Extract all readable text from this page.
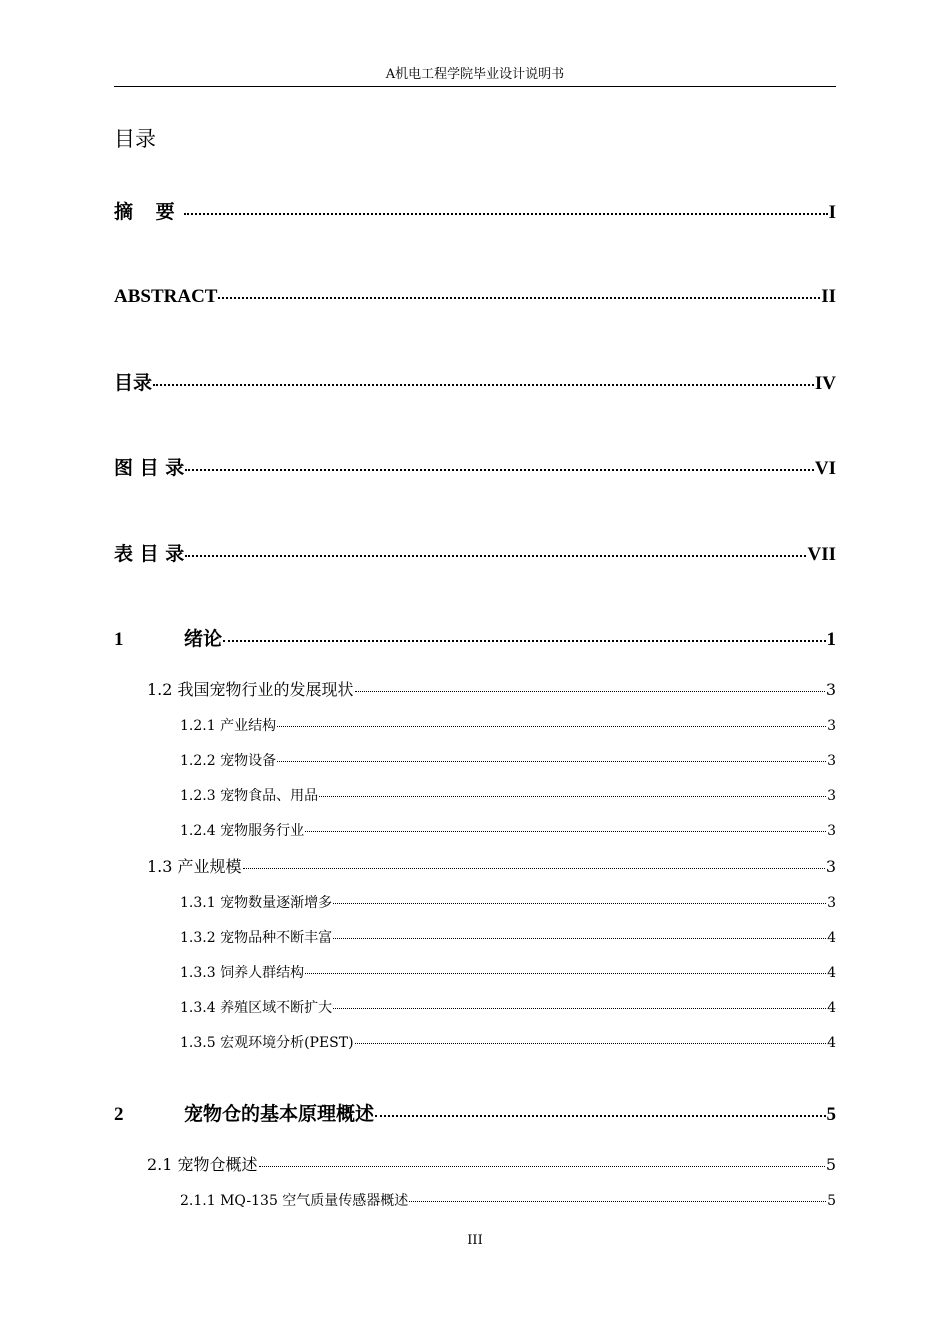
A机电工程学院毕业设计说明书
目录
摘 要	I
ABSTRACT	II
目录	IV
图 目 录	VI
表 目 录	VII
1	绪论	1
1.2 我国宠物行业的发展现状	3
1.2.1 产业结构	3
1.2.2 宠物设备	3
1.2.3 宠物食品、用品	3
1.2.4 宠物服务行业	3
1.3 产业规模	3
1.3.1 宠物数量逐渐增多	3
1.3.2 宠物品种不断丰富	4
1.3.3 饲养人群结构	4
1.3.4 养殖区域不断扩大	4
1.3.5 宏观环境分析(PEST)	4
2	宠物仓的基本原理概述	5
2.1 宠物仓概述	5
2.1.1 MQ-135 空气质量传感器概述	5
III
